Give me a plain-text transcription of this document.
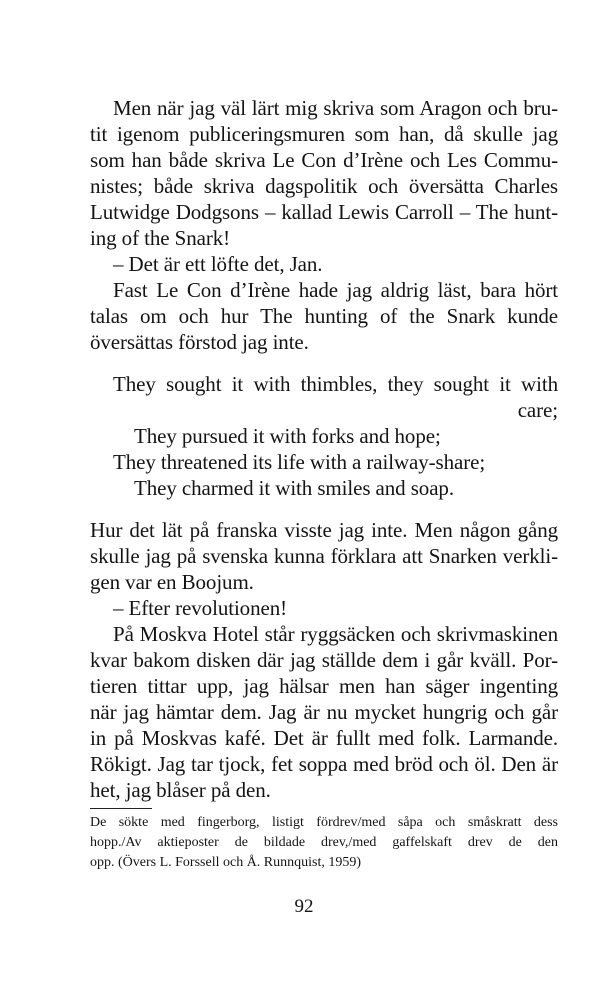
Men när jag väl lärt mig skriva som Aragon och bru-
tit igenom publiceringsmuren som han, då skulle jag
som han både skriva Le Con d’Irène och Les Commu-
nistes; både skriva dagspolitik och översätta Charles
Lutwidge Dodgsons – kallad Lewis Carroll – The hunt-
ing of the Snark!
– Det är ett löfte det, Jan.
Fast Le Con d’Irène hade jag aldrig läst, bara hört
talas om och hur The hunting of the Snark kunde
översättas förstod jag inte.
They sought it with thimbles, they sought it with
care;
They pursued it with forks and hope;
They threatened its life with a railway-share;
They charmed it with smiles and soap.
Hur det lät på franska visste jag inte. Men någon gång
skulle jag på svenska kunna förklara att Snarken verkli-
gen var en Boojum.
– Efter revolutionen!
På Moskva Hotel står ryggsäcken och skrivmaskinen
kvar bakom disken där jag ställde dem i går kväll. Por-
tieren tittar upp, jag hälsar men han säger ingenting
när jag hämtar dem. Jag är nu mycket hungrig och går
in på Moskvas kafé. Det är fullt med folk. Larmande.
Rökigt. Jag tar tjock, fet soppa med bröd och öl. Den är
het, jag blåser på den.
De sökte med fingerborg, listigt fördrev/med såpa och småskratt dess
hopp./Av aktieposter de bildade drev,/med gaffelskaft drev de den
opp. (Övers L. Forssell och Å. Runnquist, 1959)
92
